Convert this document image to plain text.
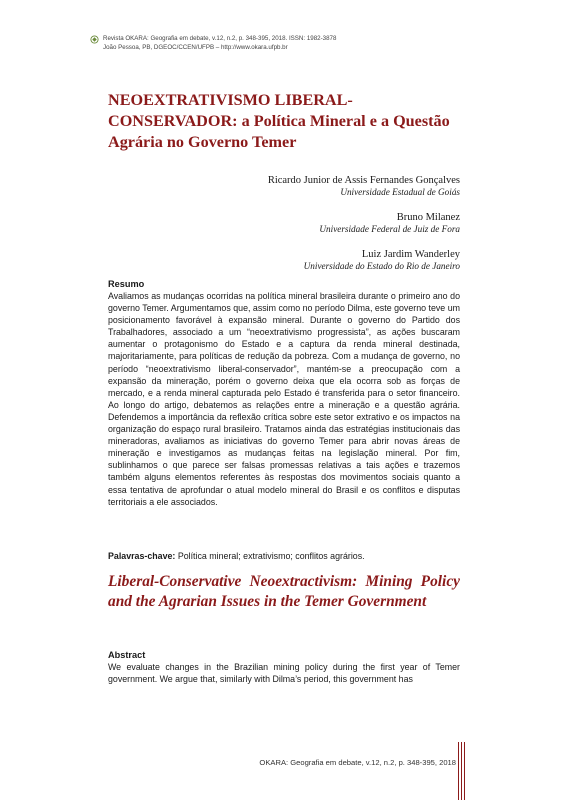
Revista OKARA: Geografia em debate, v.12, n.2, p. 348-395, 2018. ISSN: 1982-3878
João Pessoa, PB, DGEOC/CCEN/UFPB – http://www.okara.ufpb.br
NEOEXTRATIVISMO LIBERAL-CONSERVADOR: a Política Mineral e a Questão Agrária no Governo Temer
Ricardo Junior de Assis Fernandes Gonçalves
Universidade Estadual de Goiás
Bruno Milanez
Universidade Federal de Juiz de Fora
Luiz Jardim Wanderley
Universidade do Estado do Rio de Janeiro
Resumo

Avaliamos as mudanças ocorridas na política mineral brasileira durante o primeiro ano do governo Temer. Argumentamos que, assim como no período Dilma, este governo teve um posicionamento favorável à expansão mineral. Durante o governo do Partido dos Trabalhadores, associado a um “neoextrativismo progressista”, as ações buscaram aumentar o protagonismo do Estado e a captura da renda mineral destinada, majoritariamente, para políticas de redução da pobreza. Com a mudança de governo, no período “neoextrativismo liberal-conservador”, mantém-se a preocupação com a expansão da mineração, porém o governo deixa que ela ocorra sob as forças de mercado, e a renda mineral capturada pelo Estado é transferida para o setor financeiro. Ao longo do artigo, debatemos as relações entre a mineração e a questão agrária. Defendemos a importância da reflexão crítica sobre este setor extrativo e os impactos na organização do espaço rural brasileiro. Tratamos ainda das estratégias institucionais das mineradoras, avaliamos as iniciativas do governo Temer para abrir novas áreas de mineração e investigamos as mudanças feitas na legislação mineral. Por fim, sublinhamos o que parece ser falsas promessas relativas a tais ações e trazemos também alguns elementos referentes às respostas dos movimentos sociais quanto a essa tentativa de aprofundar o atual modelo mineral do Brasil e os conflitos e disputas territoriais a ele associados.

Palavras-chave: Política mineral; extrativismo; conflitos agrários.
Liberal-Conservative Neoextractivism: Mining Policy and the Agrarian Issues in the Temer Government
Abstract

We evaluate changes in the Brazilian mining policy during the first year of Temer government. We argue that, similarly with Dilma’s period, this government has

OKARA: Geografia em debate, v.12, n.2, p. 348-395, 2018
